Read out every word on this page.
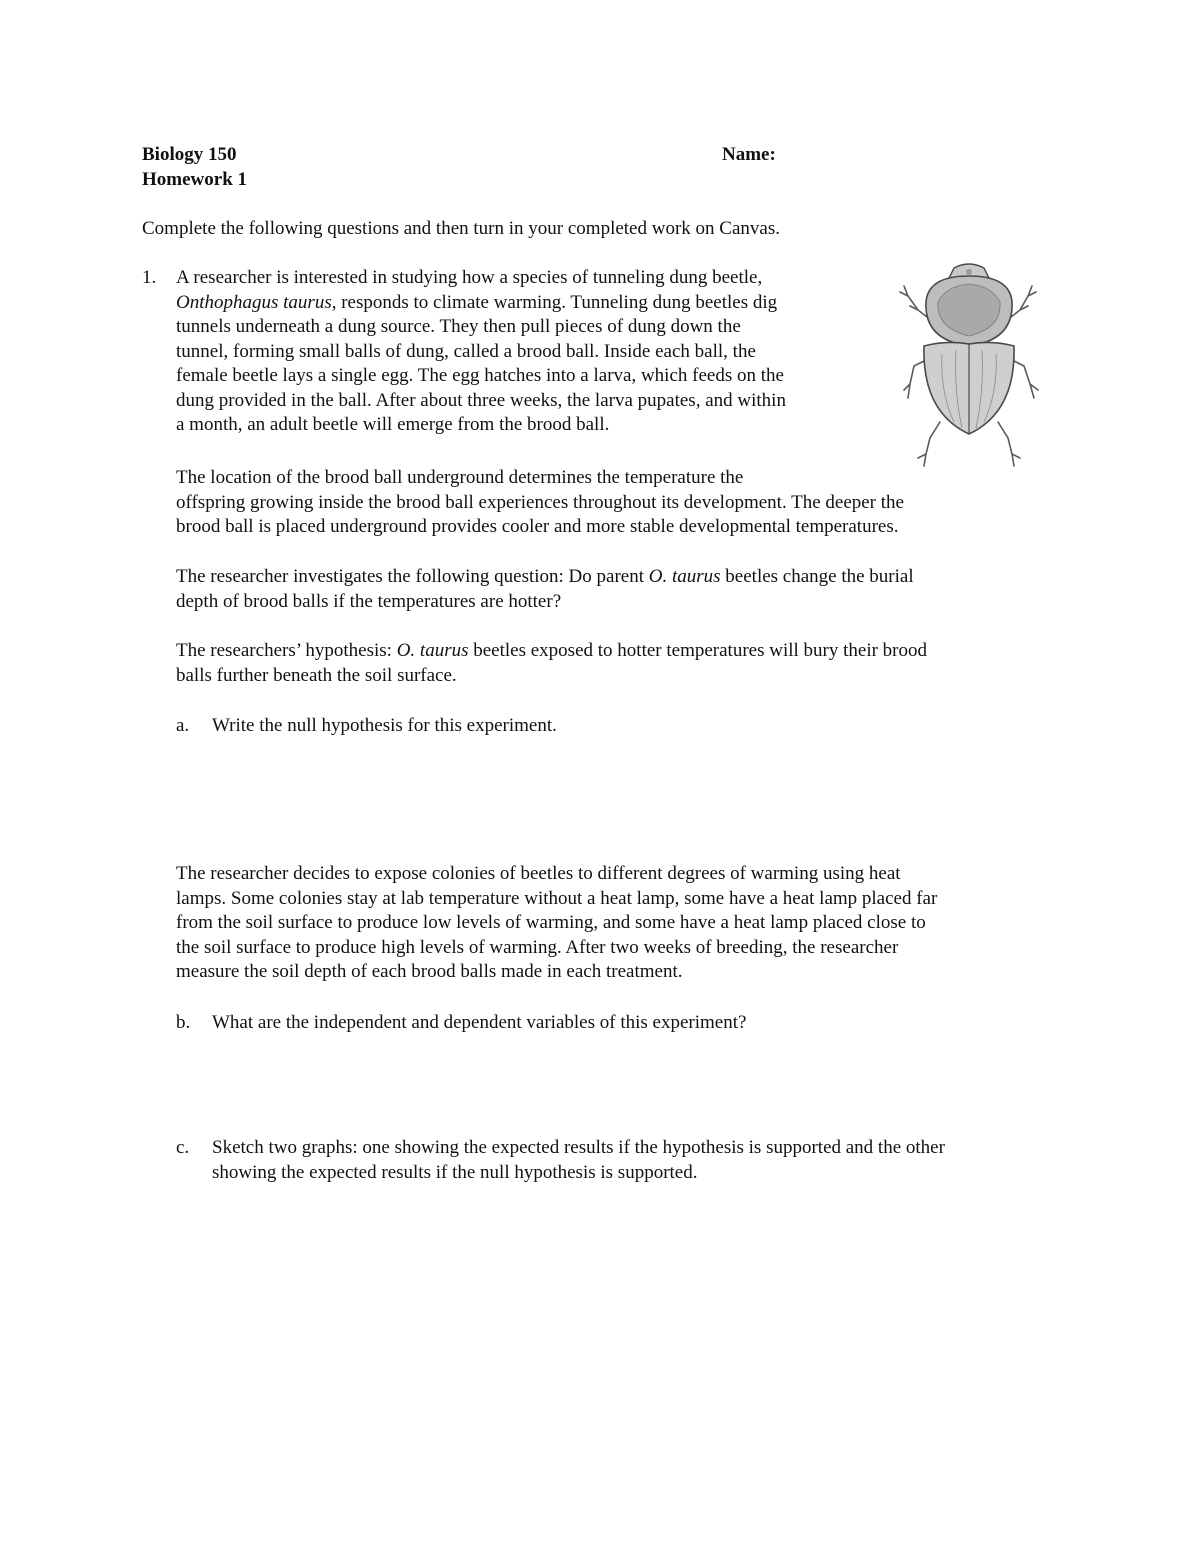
Biology 150
Homework 1
Name:
Complete the following questions and then turn in your completed work on Canvas.
1. A researcher is interested in studying how a species of tunneling dung beetle,
Onthophagus taurus, responds to climate warming. Tunneling dung beetles dig
tunnels underneath a dung source. They then pull pieces of dung down the
tunnel, forming small balls of dung, called a brood ball. Inside each ball, the
female beetle lays a single egg. The egg hatches into a larva, which feeds on the
dung provided in the ball. After about three weeks, the larva pupates, and within
a month, an adult beetle will emerge from the brood ball.
The location of the brood ball underground determines the temperature the
offspring growing inside the brood ball experiences throughout its development. The deeper the
brood ball is placed underground provides cooler and more stable developmental temperatures.
The researcher investigates the following question: Do parent O. taurus beetles change the burial
depth of brood balls if the temperatures are hotter?
The researchers’ hypothesis: O. taurus beetles exposed to hotter temperatures will bury their brood
balls further beneath the soil surface.
a. Write the null hypothesis for this experiment.
The researcher decides to expose colonies of beetles to different degrees of warming using heat
lamps. Some colonies stay at lab temperature without a heat lamp, some have a heat lamp placed far
from the soil surface to produce low levels of warming, and some have a heat lamp placed close to
the soil surface to produce high levels of warming. After two weeks of breeding, the researcher
measure the soil depth of each brood balls made in each treatment.
b. What are the independent and dependent variables of this experiment?
c. Sketch two graphs: one showing the expected results if the hypothesis is supported and the other
showing the expected results if the null hypothesis is supported.
